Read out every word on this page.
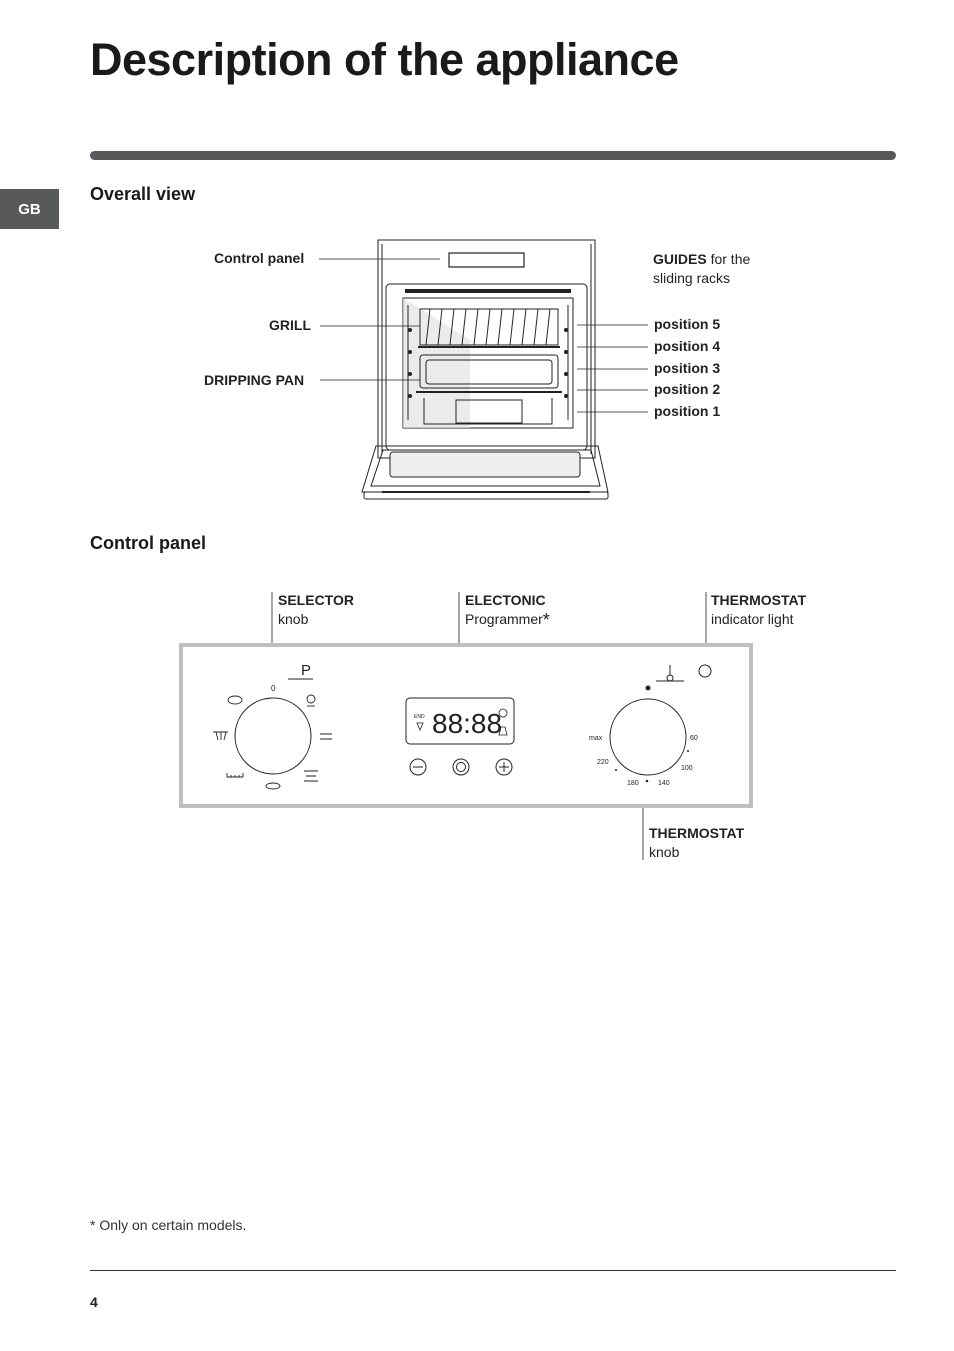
Description of the appliance
GB
Overall view
Control panel
GRILL
DRIPPING PAN
GUIDES for the
sliding racks
position 5
position 4
position 3
position 2
position 1
Control panel
SELECTOR
knob
ELECTONIC
Programmer*
THERMOSTAT
indicator light
THERMOSTAT
knob
P
0
88:88
END
max	60
100
140
180
220
* Only on certain models.
4
